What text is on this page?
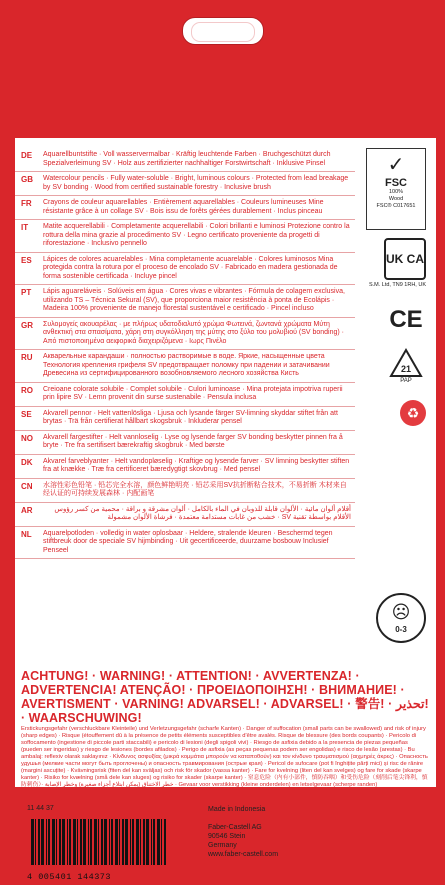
DE Aquarellbuntstifte · Voll wasservermalbar · Kräftig leuchtende Farben · Bruchgeschützt durch Spezialverleimung SV · Holz aus zertifizierter nachhaltiger Forstwirtschaft · Inklusive Pinsel
GB Watercolour pencils · Fully water-soluble · Bright, luminous colours · Protected from lead breakage by SV bonding · Wood from certified sustainable forestry · Inclusive brush
FR Crayons de couleur aquarellables · Entièrement aquarellables · Couleurs lumineuses Mine résistante grâce à un collage SV · Bois issu de forêts gérées durablement · Inclus pinceau
IT Matite acquerellabili · Completamente acquerellabili · Colori brillanti e luminosi Protezione contro la rottura della mina grazie al procedimento SV · Legno certificato proveniente da progetti di riforestazione · Inclusivo pennello
ES Lápices de colores acuarelables · Mina completamente acuarelable · Colores luminosos Mina protegida contra la rotura por el proceso de encolado SV · Fabricado en madera gestionada de forma sostenible certificada · Incluye pincel
PT Lápis aguareláveis · Solúveis em água · Cores vivas e vibrantes · Fórmula de colagem exclusiva, utilizando TS – Técnica Sekural (SV), que proporciona maior resistência à ponta de Ecolápis · Madeira 100% proveniente de manejo florestal sustentável e certificado · Pincel incluso
GR Συλομογείς ακουαρέλας · με πλήρως υδατοδιαλυτό χρώμα Φωτεινά, ζωντανά χρώματα Μύτη ανθεκτική στα σπασίματα, χάρη στη συγκόλληση της μύτης στο ξύλο του μολυβιού (SV bonding) · Από πιστοποιημένα αειφορικά διαχειριζόμενα · Ιωρς Πινέλο
RU Акварельные карандаши · полностью растворимые в воде. Яркие, насыщенные цвета Технология крепления грифеля SV предотвращает поломку при падении и затачивании Древесина из сертифицированного возобновляемого лесного хозяйства Кисть
RO Creioane colorate solubile · Complet solubile · Culori luminoase · Mina protejata impotriva ruperii prin lipire SV · Lemn provenit din surse sustenabile · Pensula inclusa
SE Akvarell pennor · Helt vattenlösliga · Ljusa och lysande färger SV-limning skyddar stiftet från att brytas · Trä från certifierat hållbart skogsbruk · Inkluderar pensel
NO Akvarell fargestifter · Helt vannloselig · Lyse og lysende farger SV bonding beskytter pinnen fra å bryte · Tre fra sertifisert bærekraftig skogbruk · Med børste
DK Akvarel farveblyanter · Helt vandopløselig · Kraftige og lysende farver · SV limning beskytter stiften fra at knække · Træ fra certificeret bæredygtigt skovbrug · Med pensel
CN 水溶性彩色铅笔 · 铅芯完全水溶，颜色鲜艳明亮 · 铅芯采用SV抗折断粘合技术，不易折断 木材来自经认证的可持续发展森林 · 内配画笔
AR	أقلام ألوان مائية · الألوان قابلة للذوبان في الماء بالكامل · ألوان مشرقة و براقة · محمية من كسر رؤوس الأقلام بواسطة تقنية SV · خشب من غابات مستدامة معتمدة · فرشاة الألوان مشمولة
NL Aquarelpotloden · volledig in water oplosbaar · Heldere, stralende kleuren · Beschermd tegen stiftbreuk door de speciale SV hijmbinding · Uit gecertificeerde, duurzame bosbouw Inclusief Penseel
✓
FSC
100%
Wood
FSC® C017651
UK CA
S.M. Ltd, TN9 1RH, UK
CE
21
PAP
♻
☹
0-3
ACHTUNG! · WARNING! · ATTENTION! · AVVERTENZA! · ADVERTENCIA! ATENÇÃO! · ΠΡΟΕΙΔΟΠΟΙΗΣΗ! · ВНИМАНИЕ! · AVERTISMENT · VARNING! ADVARSEL! · ADVARSEL! · 警告! · تحذير! · WAARSCHUWING!
Erstickungsgefahr (verschluckbare Kleinteile) und Verletzungsgefahr (scharfe Kanten) · Danger of suffocation (small parts can be swallowed) and risk of injury (sharp edges) · Risque (étouffement dû à la présence de petits éléments susceptibles d'être avalés. Risque de blessure (des bords coupants) · Pericolo di soffocamento (ingestione di piccole parti staccabili) e pericolo di lesioni (degli spigoli vivi) · Riesgo de asfixia debido a la presencia de piezas pequeñas (pueden ser ingeridas) y riesgo de lesiones (bordes afilados) · Perigo de asfixia (as peças pequenas podem ser engolidas) e risco de lesão (arestas) · Bu ambalaj: reflexiv olarak saklayınız · Κίνδυνος ασφυξίας (μικρά κομμάτια μπορούν να καταποθούν) και τον κίνδυνο τραυματισμού (αιχμηρές άκρες) · Опасность удушья (мелкие части могут быть проглочены) и опасность травмирования (острые края) · Pericol de sufocare (pot fi înghițite părți mici) și risc de rănire (margini ascuțite) · Kvävningsrisk (fiten del kan sväljas) och risk för skador (vassa kanter) · Fare for kvelning (liten del kan svelges) og fare for skade (skarpe kanter) · Risiko for kvælning (små dele kan sluges) og risiko for skader (skarpe kanter) · 窒息危险（内有小部件，慎防吞咽）和受伤危险（刻削后笔尖锋利，慎防刺伤）· خطر الاختناق (يمكن ابتلاع أجزاء صغيرة) وخطر الإصابة · Gevaar voor verstikking (kleine onderdelen) en letselgevaar (scherpe randen)
11 44 37
4 005401 144373
Made in Indonesia
Faber-Castell AG
90546 Stein
Germany
www.faber-castell.com
